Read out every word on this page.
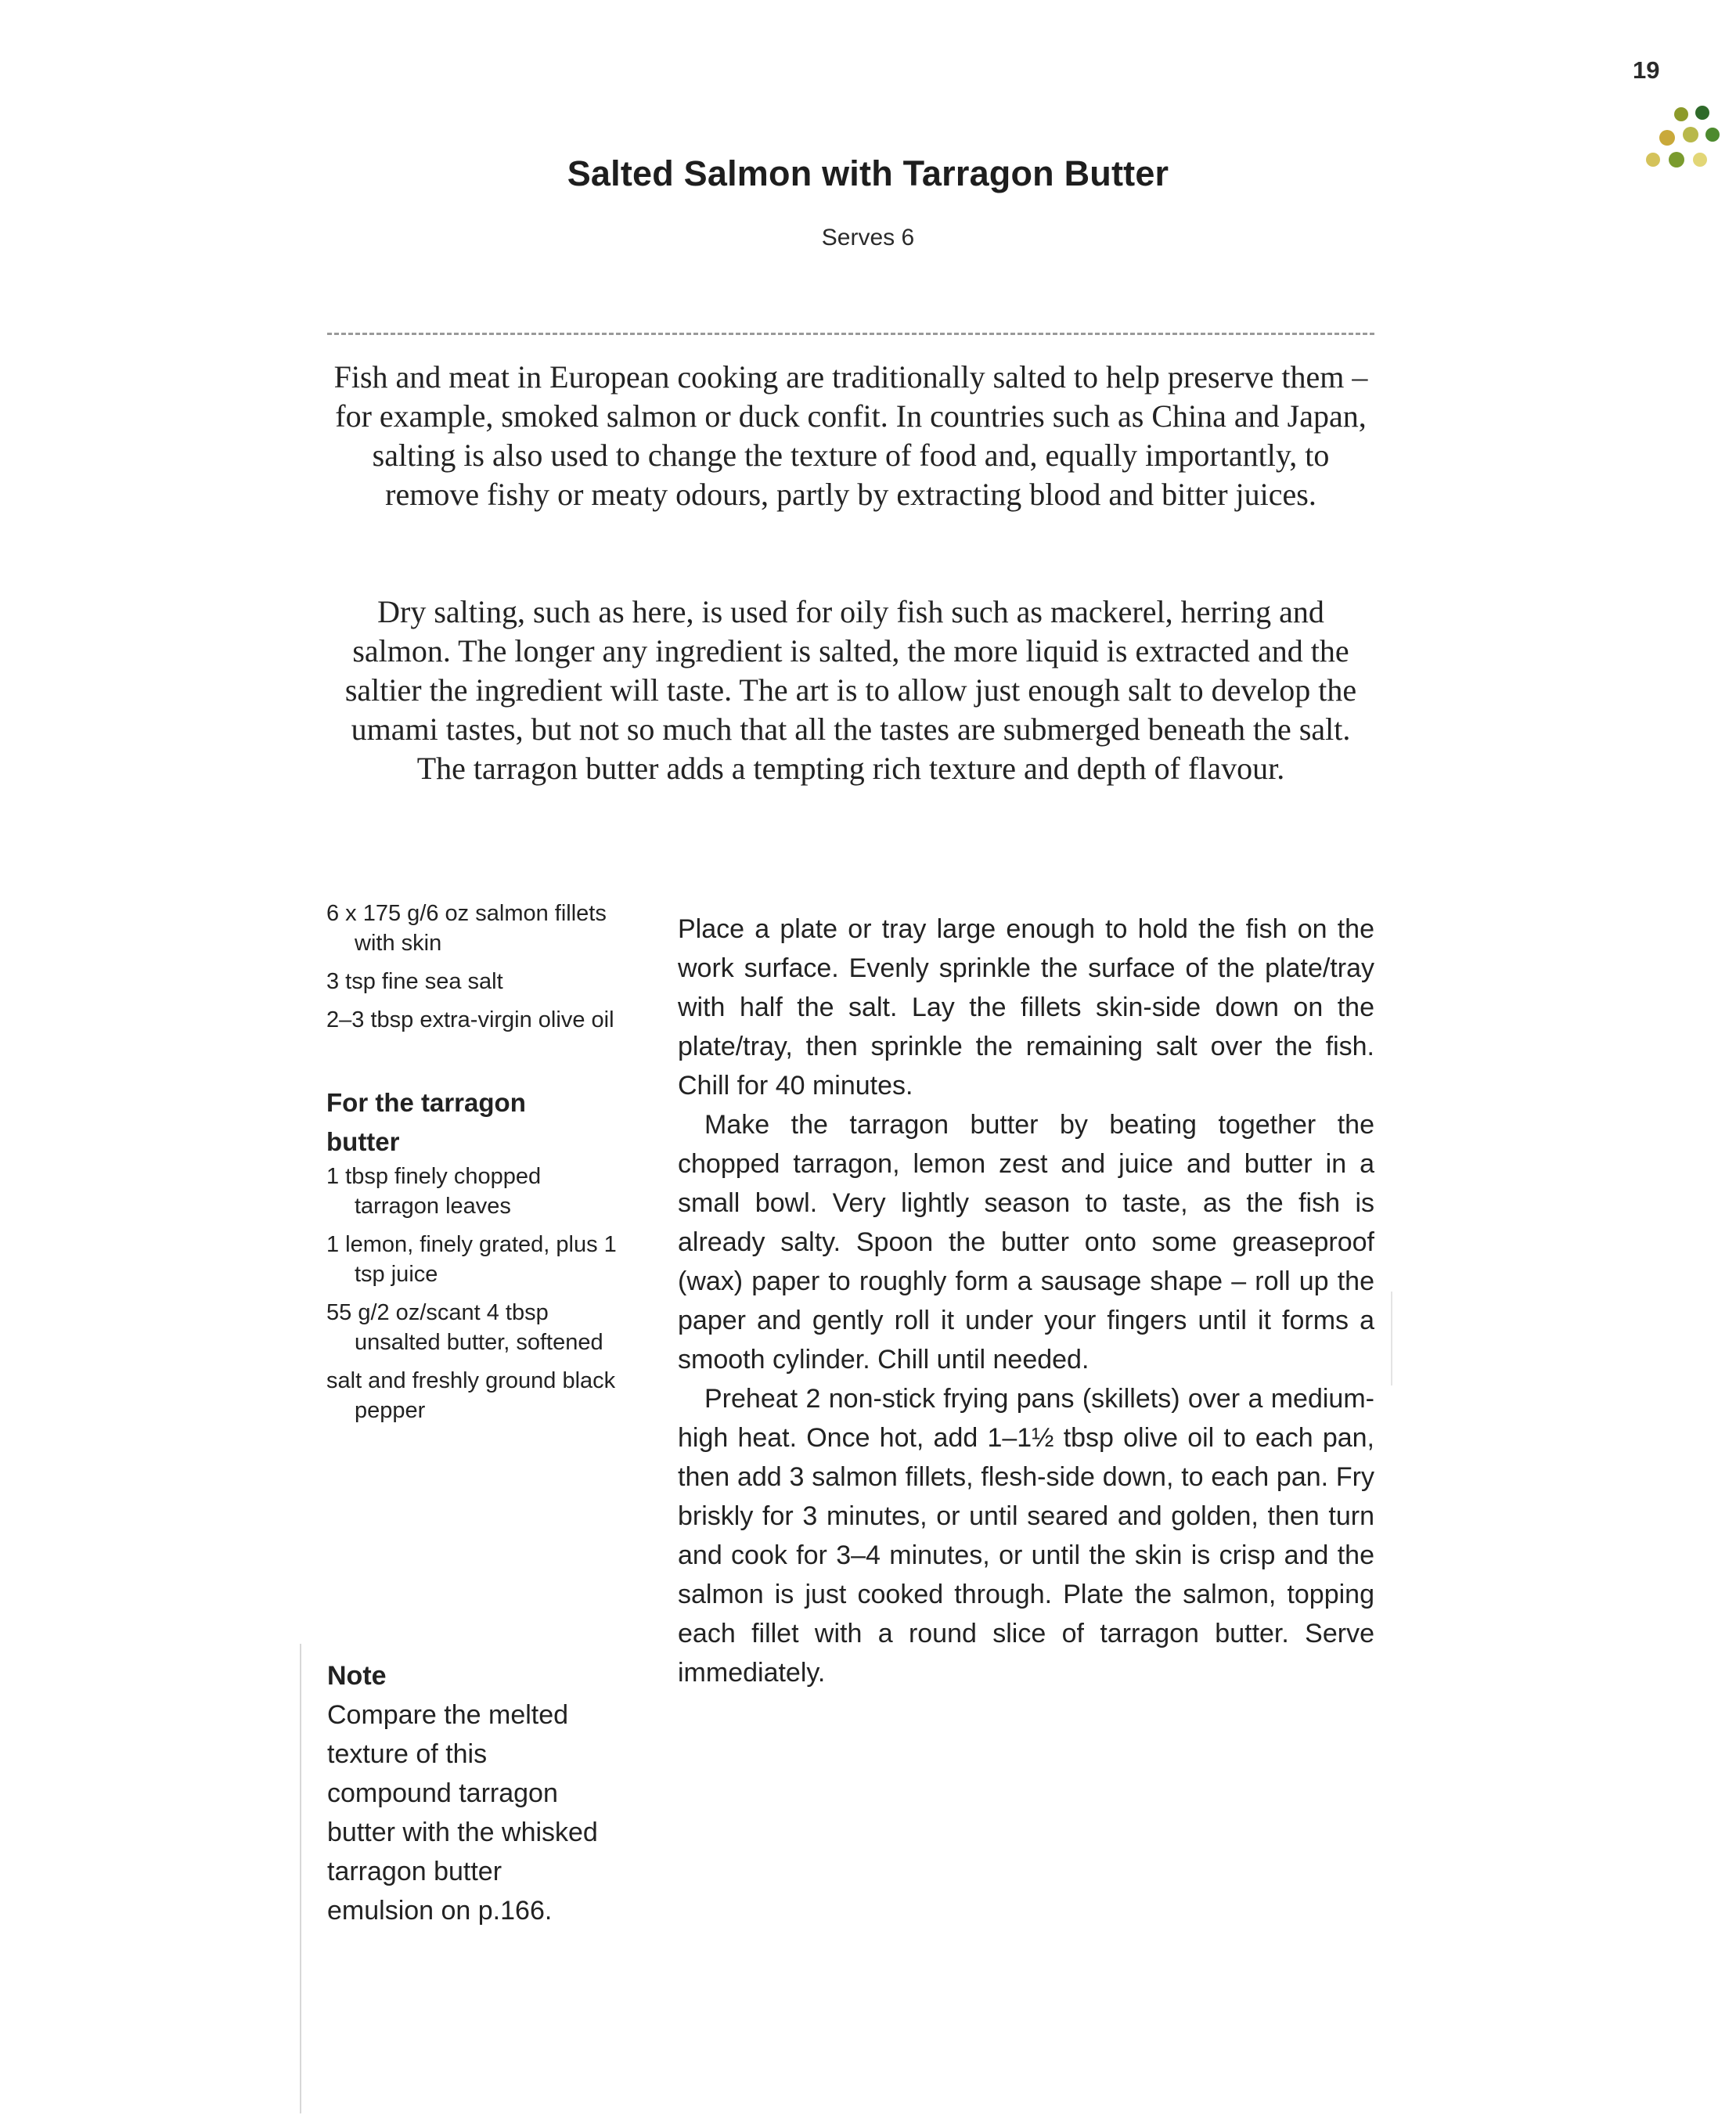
19
Salted Salmon with Tarragon Butter
Serves 6
Fish and meat in European cooking are traditionally salted to help preserve them – for example, smoked salmon or duck confit. In countries such as China and Japan, salting is also used to change the texture of food and, equally importantly, to remove fishy or meaty odours, partly by extracting blood and bitter juices.
Dry salting, such as here, is used for oily fish such as mackerel, herring and salmon. The longer any ingredient is salted, the more liquid is extracted and the saltier the ingredient will taste. The art is to allow just enough salt to develop the umami tastes, but not so much that all the tastes are submerged beneath the salt. The tarragon butter adds a tempting rich texture and depth of flavour.
6 x 175 g/6 oz salmon fillets with skin
3 tsp fine sea salt
2–3 tbsp extra-virgin olive oil
For the tarragon butter
1 tbsp finely chopped tarragon leaves
1 lemon, finely grated, plus 1 tsp juice
55 g/2 oz/scant 4 tbsp unsalted butter, softened
salt and freshly ground black pepper
Note
Compare the melted texture of this compound tarragon butter with the whisked tarragon butter emulsion on p.166.

Place a plate or tray large enough to hold the fish on the work surface. Evenly sprinkle the surface of the plate/tray with half the salt. Lay the fillets skin-side down on the plate/tray, then sprinkle the remaining salt over the fish. Chill for 40 minutes.

Make the tarragon butter by beating together the chopped tarragon, lemon zest and juice and butter in a small bowl. Very lightly season to taste, as the fish is already salty. Spoon the butter onto some greaseproof (wax) paper to roughly form a sausage shape – roll up the paper and gently roll it under your fingers until it forms a smooth cylinder. Chill until needed.

Preheat 2 non-stick frying pans (skillets) over a medium-high heat. Once hot, add 1–1½ tbsp olive oil to each pan, then add 3 salmon fillets, flesh-side down, to each pan. Fry briskly for 3 minutes, or until seared and golden, then turn and cook for 3–4 minutes, or until the skin is crisp and the salmon is just cooked through. Plate the salmon, topping each fillet with a round slice of tarragon butter. Serve immediately.
